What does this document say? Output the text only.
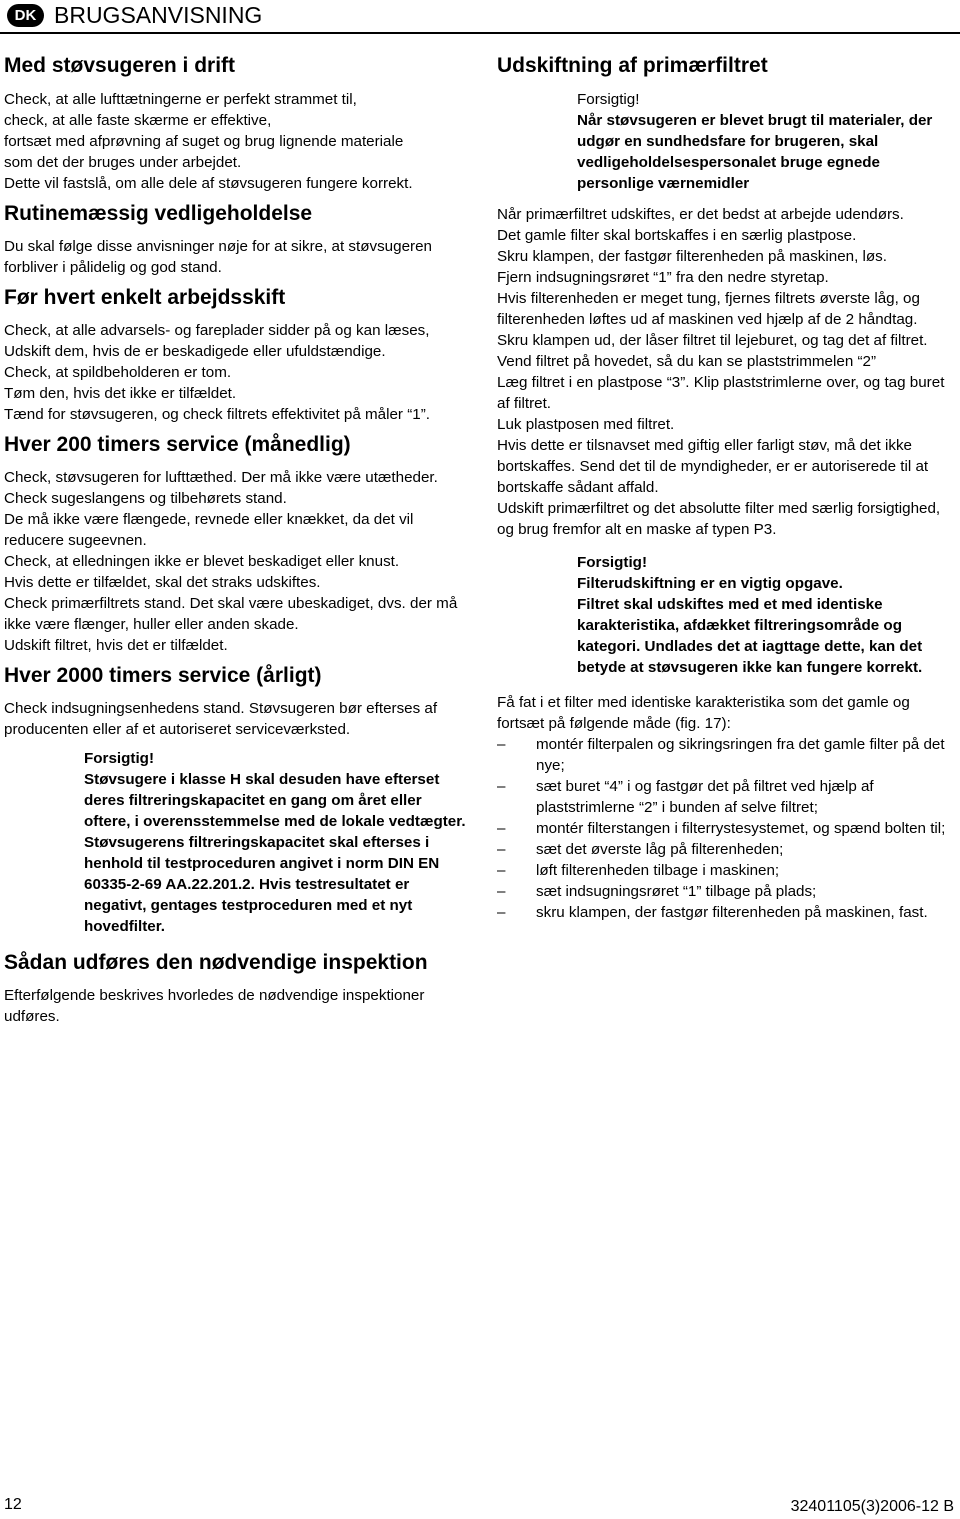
DK BRUGSANVISNING
Med støvsugeren i drift

Check, at alle lufttætningerne er perfekt strammet til,

check, at alle faste skærme er effektive,

fortsæt med afprøvning af suget og brug lignende materiale

som det der bruges under arbejdet.

Dette vil fastslå, om alle dele af støvsugeren fungere korrekt.

Rutinemæssig vedligeholdelse

Du skal følge disse anvisninger nøje for at sikre, at støvsugeren forbliver i pålidelig og god stand.

Før hvert enkelt arbejdsskift

Check, at alle advarsels- og fareplader sidder på og kan læses, Udskift dem, hvis de er beskadigede eller ufuldstændige.

Check, at spildbeholderen er tom.

Tøm den, hvis det ikke er tilfældet.

Tænd for støvsugeren, og check filtrets effektivitet på måler “1”.

Hver 200 timers service (månedlig)

Check, støvsugeren for lufttæthed. Der må ikke være utætheder.

Check sugeslangens og tilbehørets stand.

De må ikke være flængede, revnede eller knækket, da det vil reducere sugeevnen.

Check, at elledningen ikke er blevet beskadiget eller knust.

Hvis dette er tilfældet, skal det straks udskiftes.

Check primærfiltrets stand. Det skal være ubeskadiget, dvs. der må ikke være flænger, huller eller anden skade.

Udskift filtret, hvis det er tilfældet.

Hver 2000 timers service (årligt)

Check indsugningsenhedens stand. Støvsugeren bør efterses af producenten eller af et autoriseret serviceværksted.

Forsigtig!
Støvsugere i klasse H skal desuden have efterset deres filtreringskapacitet en gang om året eller oftere, i overensstemmelse med de lokale vedtægter.
Støvsugerens filtreringskapacitet skal efterses i henhold til testproceduren angivet i norm DIN EN 60335-2-69 AA.22.201.2. Hvis testresultatet er negativt, gentages testproceduren med et nyt hovedfilter.
Sådan udføres den nødvendige inspektion

Efterfølgende beskrives hvorledes de nødvendige inspektioner udføres.

Udskiftning af primærfiltret
Forsigtig!
Når støvsugeren er blevet brugt til materialer, der udgør en sundhedsfare for brugeren, skal vedligeholdelsespersonalet bruge egnede personlige værnemidler

Når primærfiltret udskiftes, er det bedst at arbejde udendørs.

Det gamle filter skal bortskaffes i en særlig plastpose.

Skru klampen, der fastgør filterenheden på maskinen, løs.

Fjern indsugningsrøret “1” fra den nedre styretap.

Hvis filterenheden er meget tung, fjernes filtrets øverste låg, og filterenheden løftes ud af maskinen ved hjælp af de 2 håndtag.

Skru klampen ud, der låser filtret til lejeburet, og tag det af filtret.

Vend filtret på hovedet, så du kan se plaststrimmelen “2”

Læg filtret i en plastpose “3”. Klip plaststrimlerne over, og tag buret af filtret.

Luk plastposen med filtret.

Hvis dette er tilsnavset med giftig eller farligt støv, må det ikke bortskaffes. Send det til de myndigheder, er er autoriserede til at bortskaffe sådant affald.

Udskift primærfiltret og det absolutte filter med særlig forsigtighed, og brug fremfor alt en maske af typen P3.

Forsigtig!
Filterudskiftning er en vigtig opgave.
Filtret skal udskiftes med et med identiske karakteristika, afdækket filtreringsområde og kategori. Undlades det at iagttage dette, kan det betyde at støvsugeren ikke kan fungere korrekt.

Få fat i et filter med identiske karakteristika som det gamle og fortsæt på følgende måde (fig. 17):

– montér filterpalen og sikringsringen fra det gamle filter på det nye;
– sæt buret “4” i og fastgør det på filtret ved hjælp af plaststrimlerne “2” i bunden af selve filtret;
– montér filterstangen i filterrystesystemet, og spænd bolten til;
– sæt det øverste låg på filterenheden;
– løft filterenheden tilbage i maskinen;
– sæt indsugningsrøret “1” tilbage på plads;
– skru klampen, der fastgør filterenheden på maskinen, fast.
12	32401105(3)2006-12 B
